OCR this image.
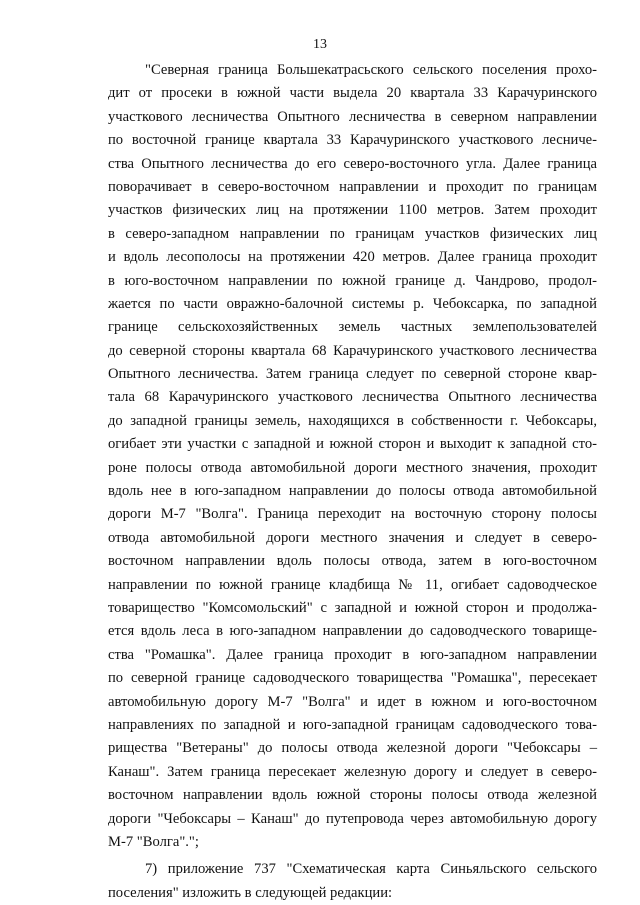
13
"Северная граница Большекатрасьского сельского поселения прохо-
дит от просеки в южной части выдела 20 квартала 33 Карачуринского
участкового лесничества Опытного лесничества в северном направлении
по восточной границе квартала 33 Карачуринского участкового лесниче-
ства Опытного лесничества до его северо-восточного угла. Далее граница
поворачивает в северо-восточном направлении и проходит по границам
участков физических лиц на протяжении 1100 метров. Затем проходит
в северо-западном направлении по границам участков физических лиц
и вдоль лесополосы на протяжении 420 метров. Далее граница проходит
в юго-восточном направлении по южной границе д. Чандрово, продол-
жается по части овражно-балочной системы р. Чебоксарка, по западной
границе сельскохозяйственных земель частных землепользователей
до северной стороны квартала 68 Карачуринского участкового лесничества
Опытного лесничества. Затем граница следует по северной стороне квар-
тала 68 Карачуринского участкового лесничества Опытного лесничества
до западной границы земель, находящихся в собственности г. Чебоксары,
огибает эти участки с западной и южной сторон и выходит к западной сто-
роне полосы отвода автомобильной дороги местного значения, проходит
вдоль нее в юго-западном направлении до полосы отвода автомобильной
дороги М-7 "Волга". Граница переходит на восточную сторону полосы
отвода автомобильной дороги местного значения и следует в северо-
восточном направлении вдоль полосы отвода, затем в юго-восточном
направлении по южной границе кладбища № 11, огибает садоводческое
товарищество "Комсомольский" с западной и южной сторон и продолжа-
ется вдоль леса в юго-западном направлении до садоводческого товарище-
ства "Ромашка". Далее граница проходит в юго-западном направлении
по северной границе садоводческого товарищества "Ромашка", пересекает
автомобильную дорогу М-7 "Волга" и идет в южном и юго-восточном
направлениях по западной и юго-западной границам садоводческого това-
рищества "Ветераны" до полосы отвода железной дороги "Чебоксары –
Канаш". Затем граница пересекает железную дорогу и следует в северо-
восточном направлении вдоль южной стороны полосы отвода железной
дороги "Чебоксары – Канаш" до путепровода через автомобильную дорогу
М-7 "Волга".";
7) приложение 737 "Схематическая карта Синьяльского сельского
поселения" изложить в следующей редакции:
